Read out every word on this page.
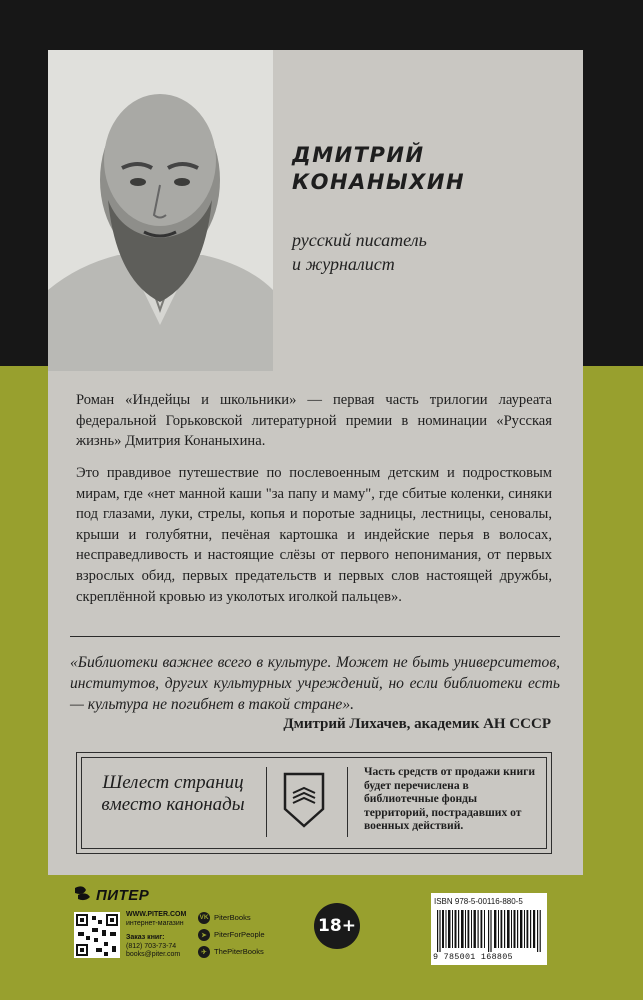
ДМИТРИЙ
КОНАНЫХИН
русский писатель
и журналист

Роман «Индейцы и школьники» — первая часть трилогии лауреата федеральной Горьковской литературной премии в номинации «Русская жизнь» Дмитрия Конаныхина.

Это правдивое путешествие по послевоенным детским и подростковым мирам, где «нет манной каши "за папу и маму", где сбитые коленки, синяки под глазами, луки, стрелы, копья и поротые задницы, лестницы, сеновалы, крыши и голубятни, печёная картошка и индейские перья в волосах, несправедливость и настоящие слёзы от первого непонимания, от первых взрослых обид, первых предательств и первых слов настоящей дружбы, скреплённой кровью из уколотых иголкой пальцев».

«Библиотеки важнее всего в культуре. Может не быть университетов, институтов, других культурных учреждений, но если библиотеки есть — культура не погибнет в такой стране».

Дмитрий Лихачев, академик АН СССР
Шелест страниц
вместо канонады
Часть средств от продажи книги будет перечислена в библиотечные фонды территорий, пострадавших от военных действий.
ПИТЕР
WWW.PITER.COM
интернет-магазин
Заказ книг:
(812) 703-73-74
books@piter.com
VK PiterBooks
➤ PiterForPeople
✈ ThePiterBooks
18+
ISBN 978-5-00116-880-5
9 785001 168805
